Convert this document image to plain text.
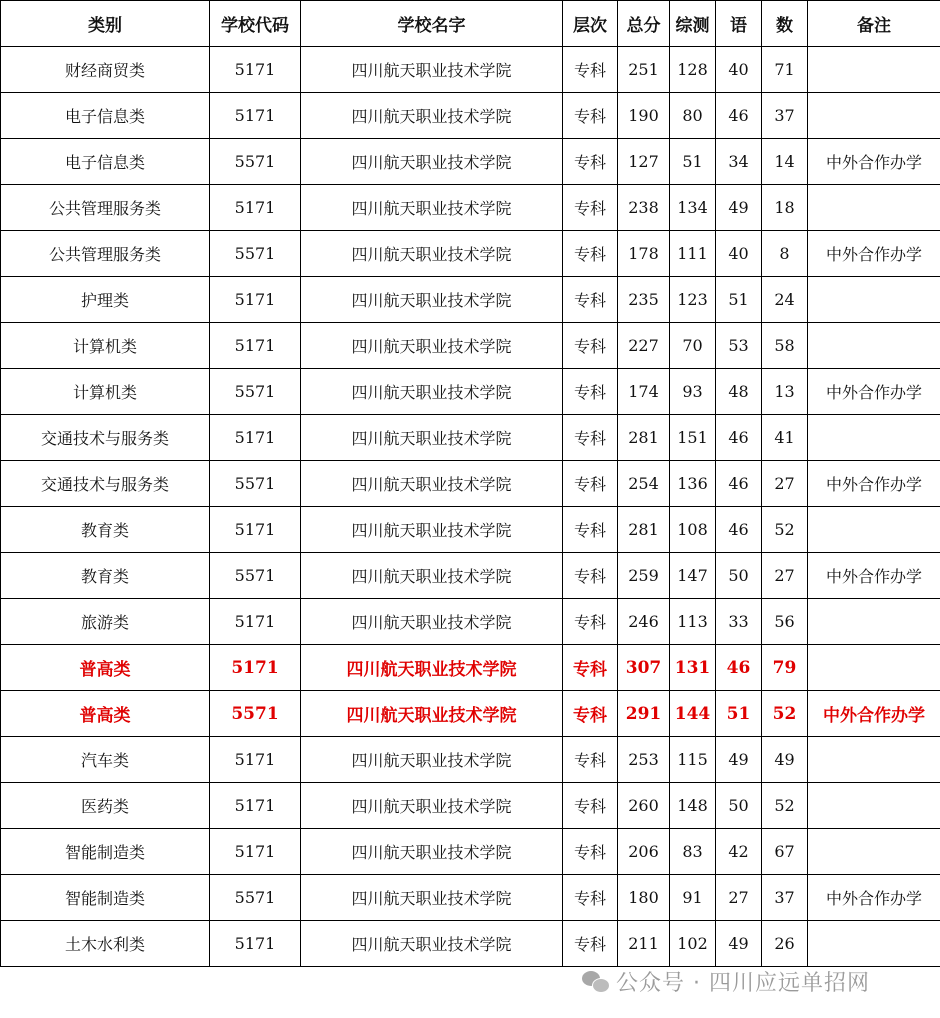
类别	学校代码	学校名字	层次	总分	综测	语	数	备注
财经商贸类	5171	四川航天职业技术学院	专科	251	128	40	71	
电子信息类	5171	四川航天职业技术学院	专科	190	80	46	37	
电子信息类	5571	四川航天职业技术学院	专科	127	51	34	14	中外合作办学
公共管理服务类	5171	四川航天职业技术学院	专科	238	134	49	18	
公共管理服务类	5571	四川航天职业技术学院	专科	178	111	40	8	中外合作办学
护理类	5171	四川航天职业技术学院	专科	235	123	51	24	
计算机类	5171	四川航天职业技术学院	专科	227	70	53	58	
计算机类	5571	四川航天职业技术学院	专科	174	93	48	13	中外合作办学
交通技术与服务类	5171	四川航天职业技术学院	专科	281	151	46	41	
交通技术与服务类	5571	四川航天职业技术学院	专科	254	136	46	27	中外合作办学
教育类	5171	四川航天职业技术学院	专科	281	108	46	52	
教育类	5571	四川航天职业技术学院	专科	259	147	50	27	中外合作办学
旅游类	5171	四川航天职业技术学院	专科	246	113	33	56	
普高类	5171	四川航天职业技术学院	专科	307	131	46	79	
普高类	5571	四川航天职业技术学院	专科	291	144	51	52	中外合作办学
汽车类	5171	四川航天职业技术学院	专科	253	115	49	49	
医药类	5171	四川航天职业技术学院	专科	260	148	50	52	
智能制造类	5171	四川航天职业技术学院	专科	206	83	42	67	
智能制造类	5571	四川航天职业技术学院	专科	180	91	27	37	中外合作办学
土木水利类	5171	四川航天职业技术学院	专科	211	102	49	26	
公众号 · 四川应远单招网
